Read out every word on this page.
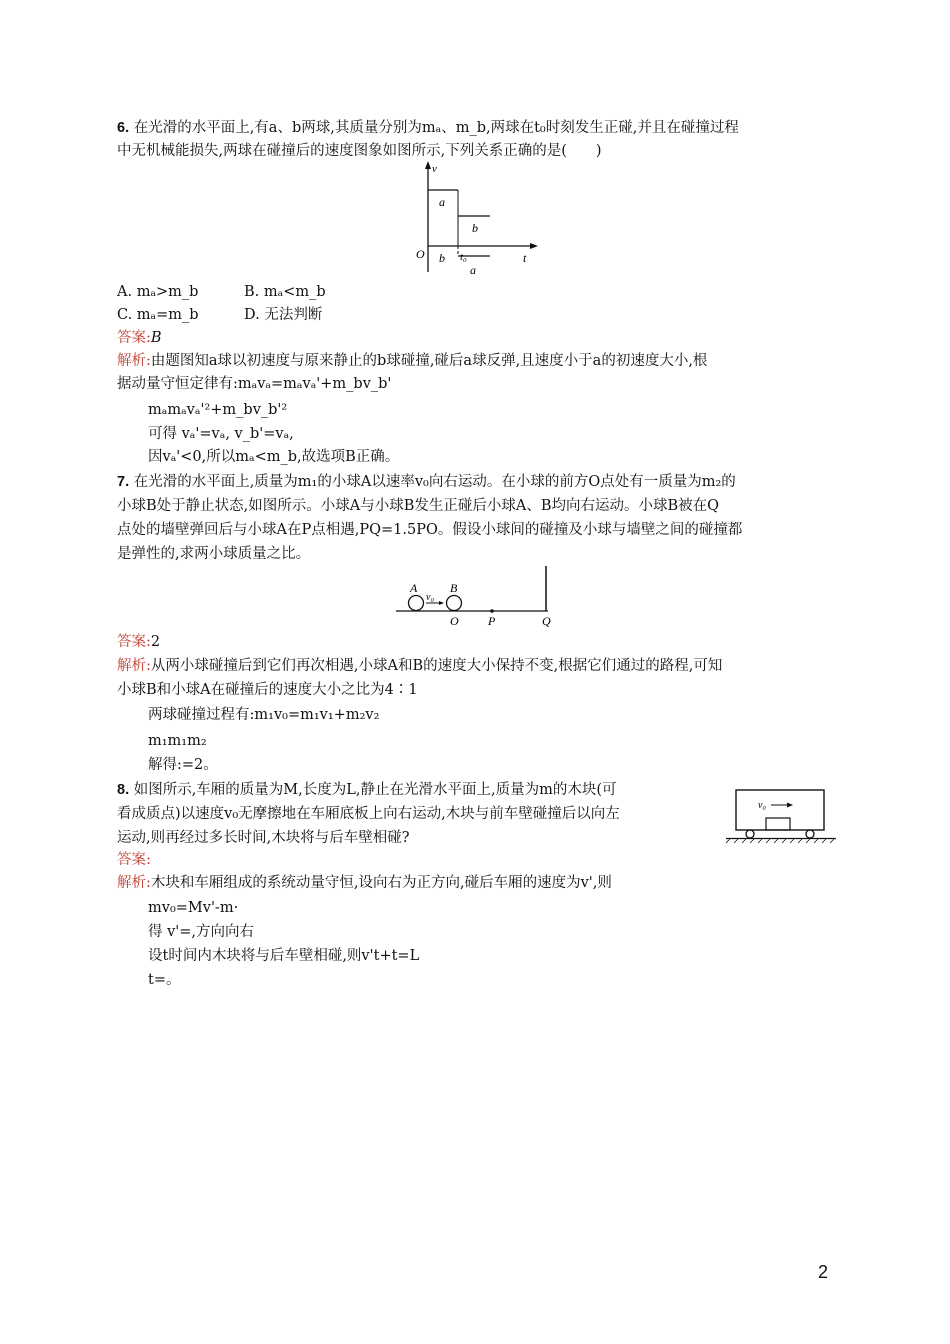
6. 在光滑的水平面上,有a、b两球,其质量分别为mₐ、m_b,两球在t₀时刻发生正碰,并且在碰撞过程
中无机械能损失,两球在碰撞后的速度图象如图所示,下列关系正确的是(　　)
v
t
O
a
b
b t₀
a
A. mₐ>m_b	B. mₐ<m_b
C. mₐ=m_b	D. 无法判断
答案:B
解析:由题图知a球以初速度与原来静止的b球碰撞,碰后a球反弹,且速度小于a的初速度大小,根
据动量守恒定律有:mₐvₐ=mₐvₐ'+m_bv_b'
mₐmₐvₐ'²+m_bv_b'²
可得 vₐ'=vₐ, v_b'=vₐ,
因vₐ'<0,所以mₐ<m_b,故选项B正确。
7. 在光滑的水平面上,质量为m₁的小球A以速率v₀向右运动。在小球的前方O点处有一质量为m₂的
小球B处于静止状态,如图所示。小球A与小球B发生正碰后小球A、B均向右运动。小球B被在Q
点处的墙壁弹回后与小球A在P点相遇,PQ=1.5PO。假设小球间的碰撞及小球与墙壁之间的碰撞都
是弹性的,求两小球质量之比。
A	B
v₀
O P	Q
答案:2
解析:从两小球碰撞后到它们再次相遇,小球A和B的速度大小保持不变,根据它们通过的路程,可知
小球B和小球A在碰撞后的速度大小之比为4∶1
两球碰撞过程有:m₁v₀=m₁v₁+m₂v₂
m₁m₁m₂
解得:=2。
8. 如图所示,车厢的质量为M,长度为L,静止在光滑水平面上,质量为m的木块(可
看成质点)以速度v₀无摩擦地在车厢底板上向右运动,木块与前车壁碰撞后以向左
运动,则再经过多长时间,木块将与后车壁相碰?
v₀
答案:
解析:木块和车厢组成的系统动量守恒,设向右为正方向,碰后车厢的速度为v',则
mv₀=Mv'-m·
得 v'=,方向向右
设t时间内木块将与后车壁相碰,则v't+t=L
t=。
2
